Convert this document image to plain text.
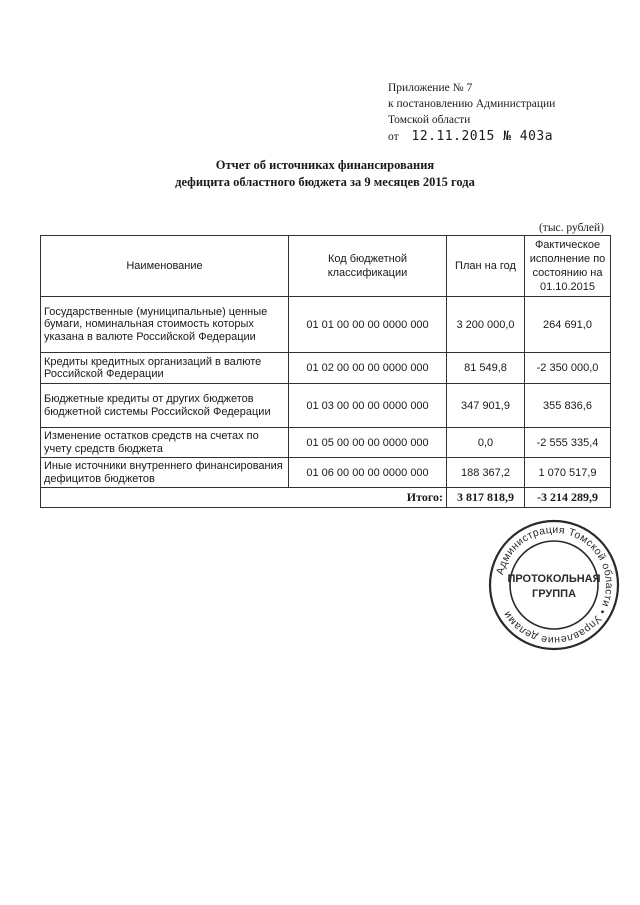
Приложение № 7
к постановлению Администрации
Томской области
от 12.11.2015 № 403а
Отчет об источниках финансирования
дефицита областного бюджета за 9 месяцев 2015 года
(тыс. рублей)
Наименование	Код бюджетной классификации	План на год	Фактическое исполнение по состоянию на 01.10.2015
Государственные (муниципальные) ценные бумаги, номинальная стоимость которых указана в валюте Российской Федерации	01 01 00 00 00 0000 000	3 200 000,0	264 691,0
Кредиты кредитных организаций в валюте Российской Федерации	01 02 00 00 00 0000 000	81 549,8	-2 350 000,0
Бюджетные кредиты от других бюджетов бюджетной системы Российской Федерации	01 03 00 00 00 0000 000	347 901,9	355 836,6
Изменение остатков средств на счетах по учету средств бюджета	01 05 00 00 00 0000 000	0,0	-2 555 335,4
Иные источники внутреннего финансирования дефицитов бюджетов	01 06 00 00 00 0000 000	188 367,2	1 070 517,9
Итого:		3 817 818,9	-3 214 289,9
Администрация Томской области • Управление делами
ПРОТОКОЛЬНАЯ
ГРУППА
